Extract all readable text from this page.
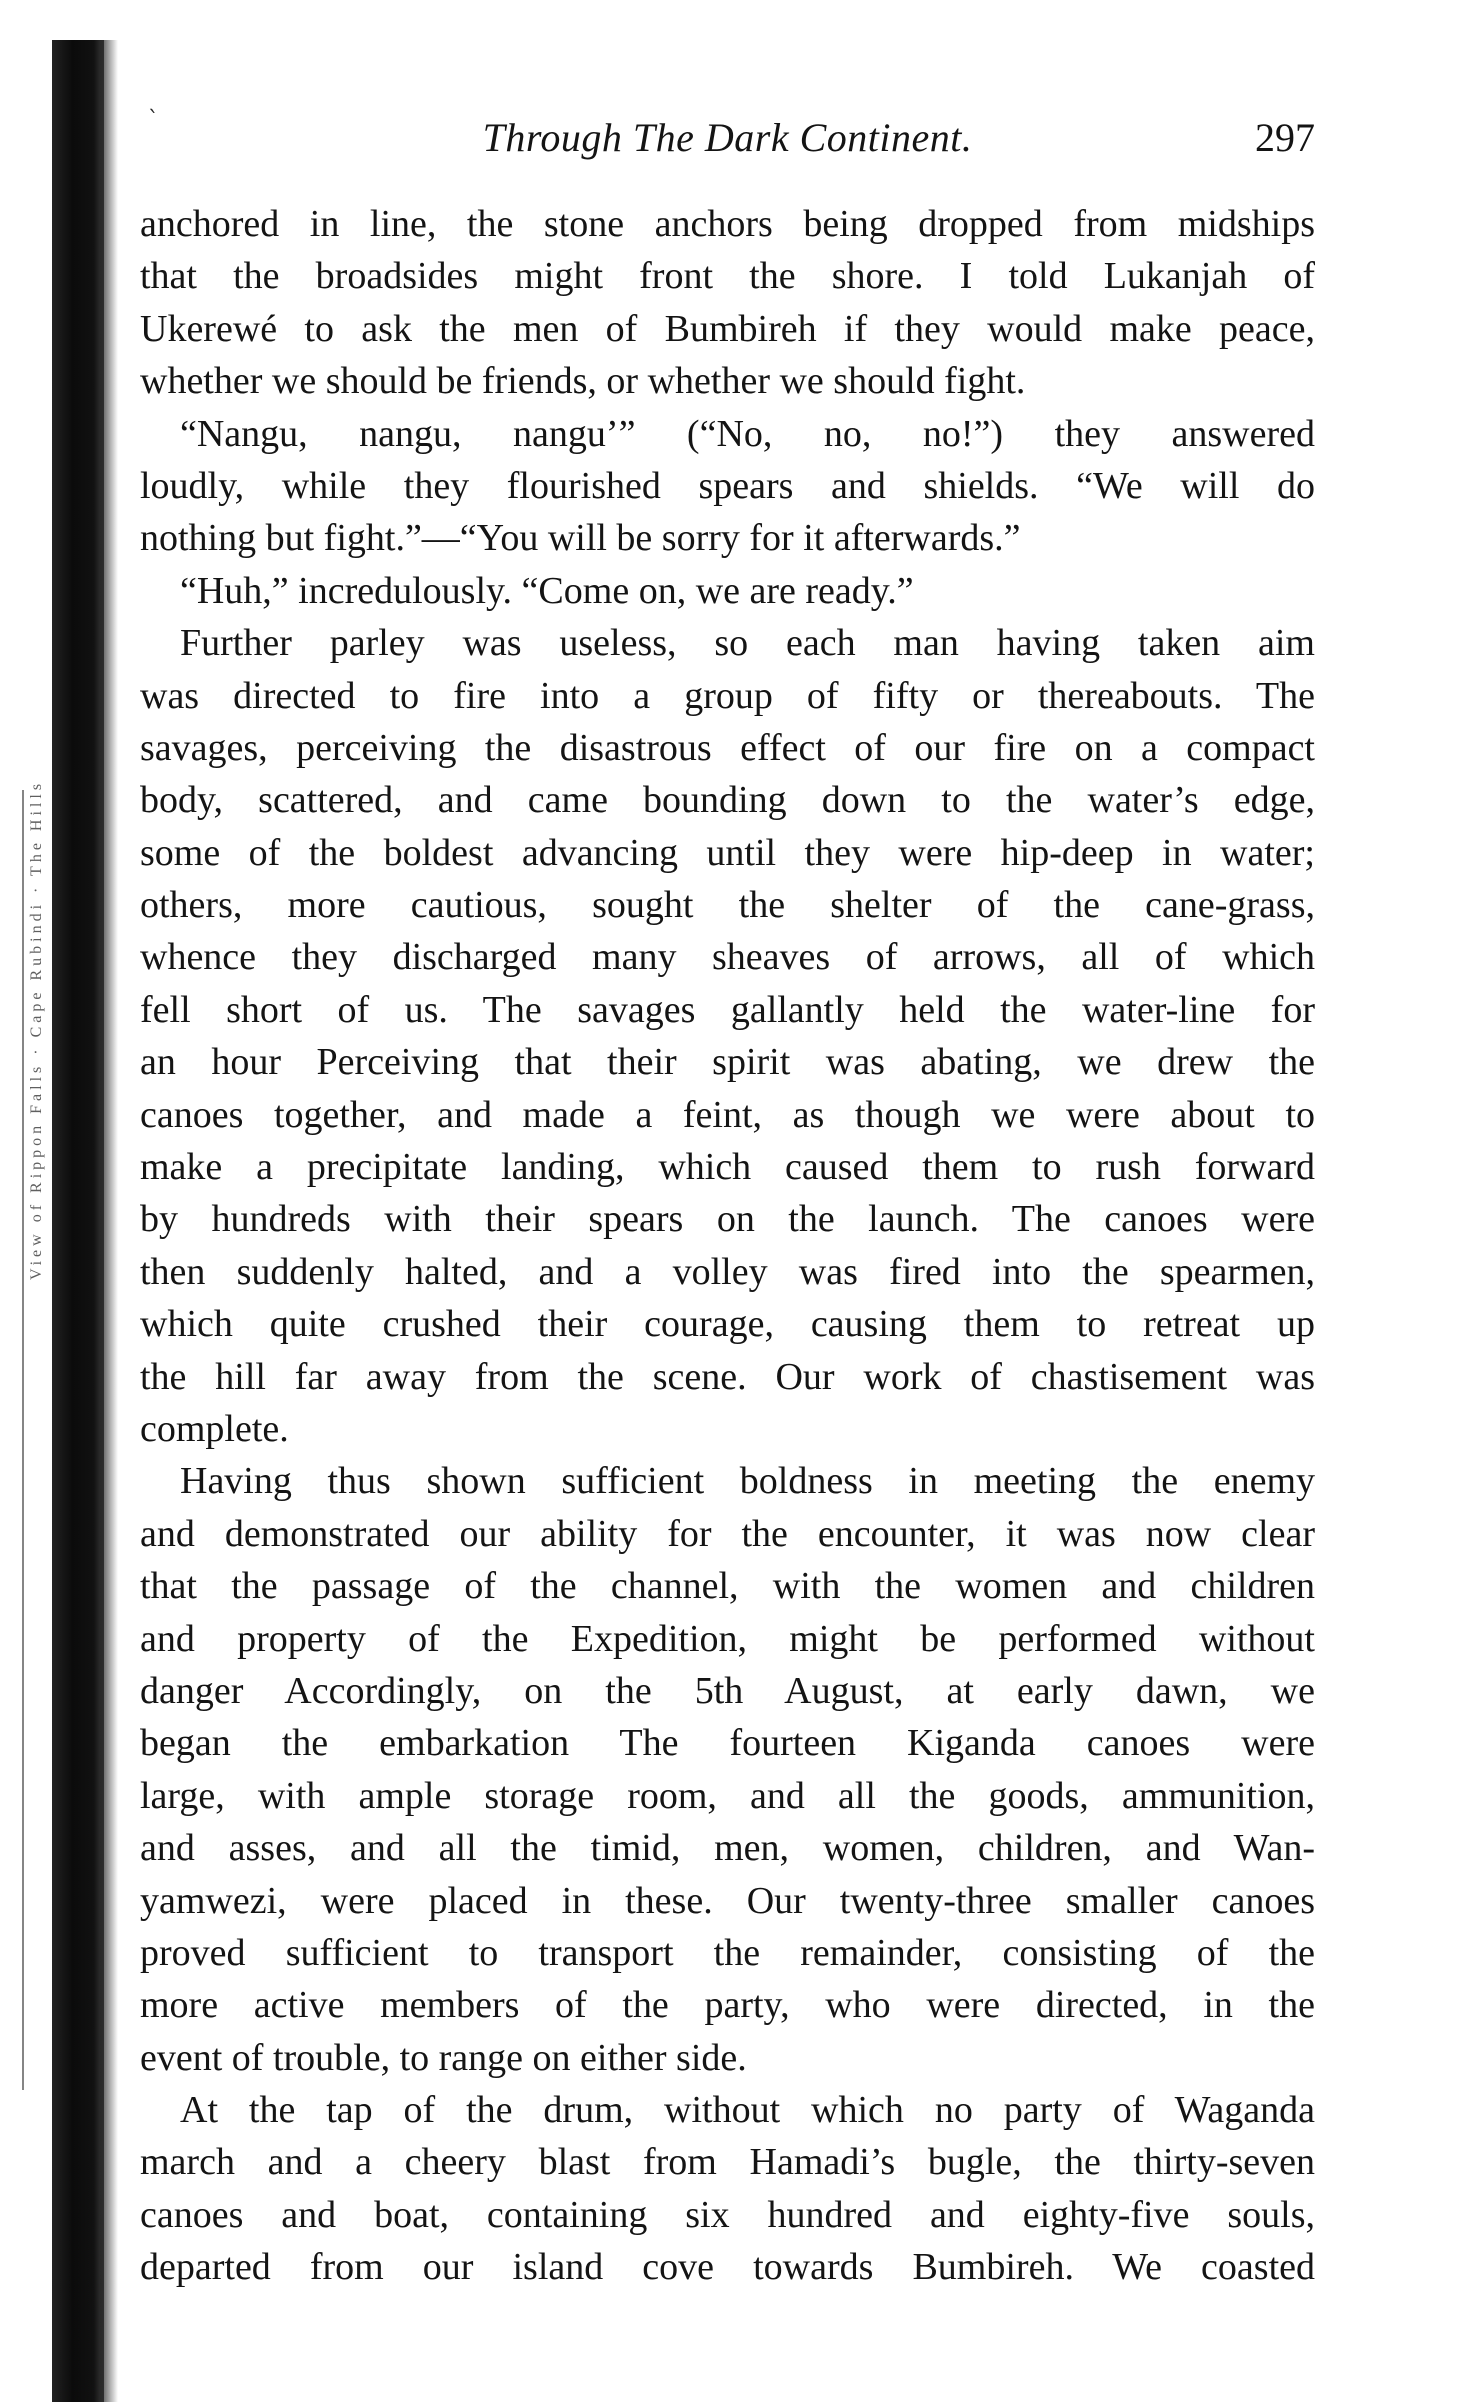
View of Rippon Falls · Cape Rubindi · The Hills
`	Through The Dark Continent.	297
anchored in line, the stone anchors being dropped from midships
that the broadsides might front the shore. I told Lukanjah of
Ukerewé to ask the men of Bumbireh if they would make peace,
whether we should be friends, or whether we should fight.
“Nangu, nangu, nangu’” (“No, no, no!”) they answered
loudly, while they flourished spears and shields. “We will do
nothing but fight.”—“You will be sorry for it afterwards.”
“Huh,” incredulously. “Come on, we are ready.”
Further parley was useless, so each man having taken aim
was directed to fire into a group of fifty or thereabouts. The
savages, perceiving the disastrous effect of our fire on a compact
body, scattered, and came bounding down to the water’s edge,
some of the boldest advancing until they were hip-deep in water;
others, more cautious, sought the shelter of the cane-grass,
whence they discharged many sheaves of arrows, all of which
fell short of us. The savages gallantly held the water-line for
an hour Perceiving that their spirit was abating, we drew the
canoes together, and made a feint, as though we were about to
make a precipitate landing, which caused them to rush forward
by hundreds with their spears on the launch. The canoes were
then suddenly halted, and a volley was fired into the spearmen,
which quite crushed their courage, causing them to retreat up
the hill far away from the scene. Our work of chastisement was
complete.
Having thus shown sufficient boldness in meeting the enemy
and demonstrated our ability for the encounter, it was now clear
that the passage of the channel, with the women and children
and property of the Expedition, might be performed without
danger Accordingly, on the 5th August, at early dawn, we
began the embarkation The fourteen Kiganda canoes were
large, with ample storage room, and all the goods, ammunition,
and asses, and all the timid, men, women, children, and Wan-
yamwezi, were placed in these. Our twenty-three smaller canoes
proved sufficient to transport the remainder, consisting of the
more active members of the party, who were directed, in the
event of trouble, to range on either side.
At the tap of the drum, without which no party of Waganda
march and a cheery blast from Hamadi’s bugle, the thirty-seven
canoes and boat, containing six hundred and eighty-five souls,
departed from our island cove towards Bumbireh. We coasted
